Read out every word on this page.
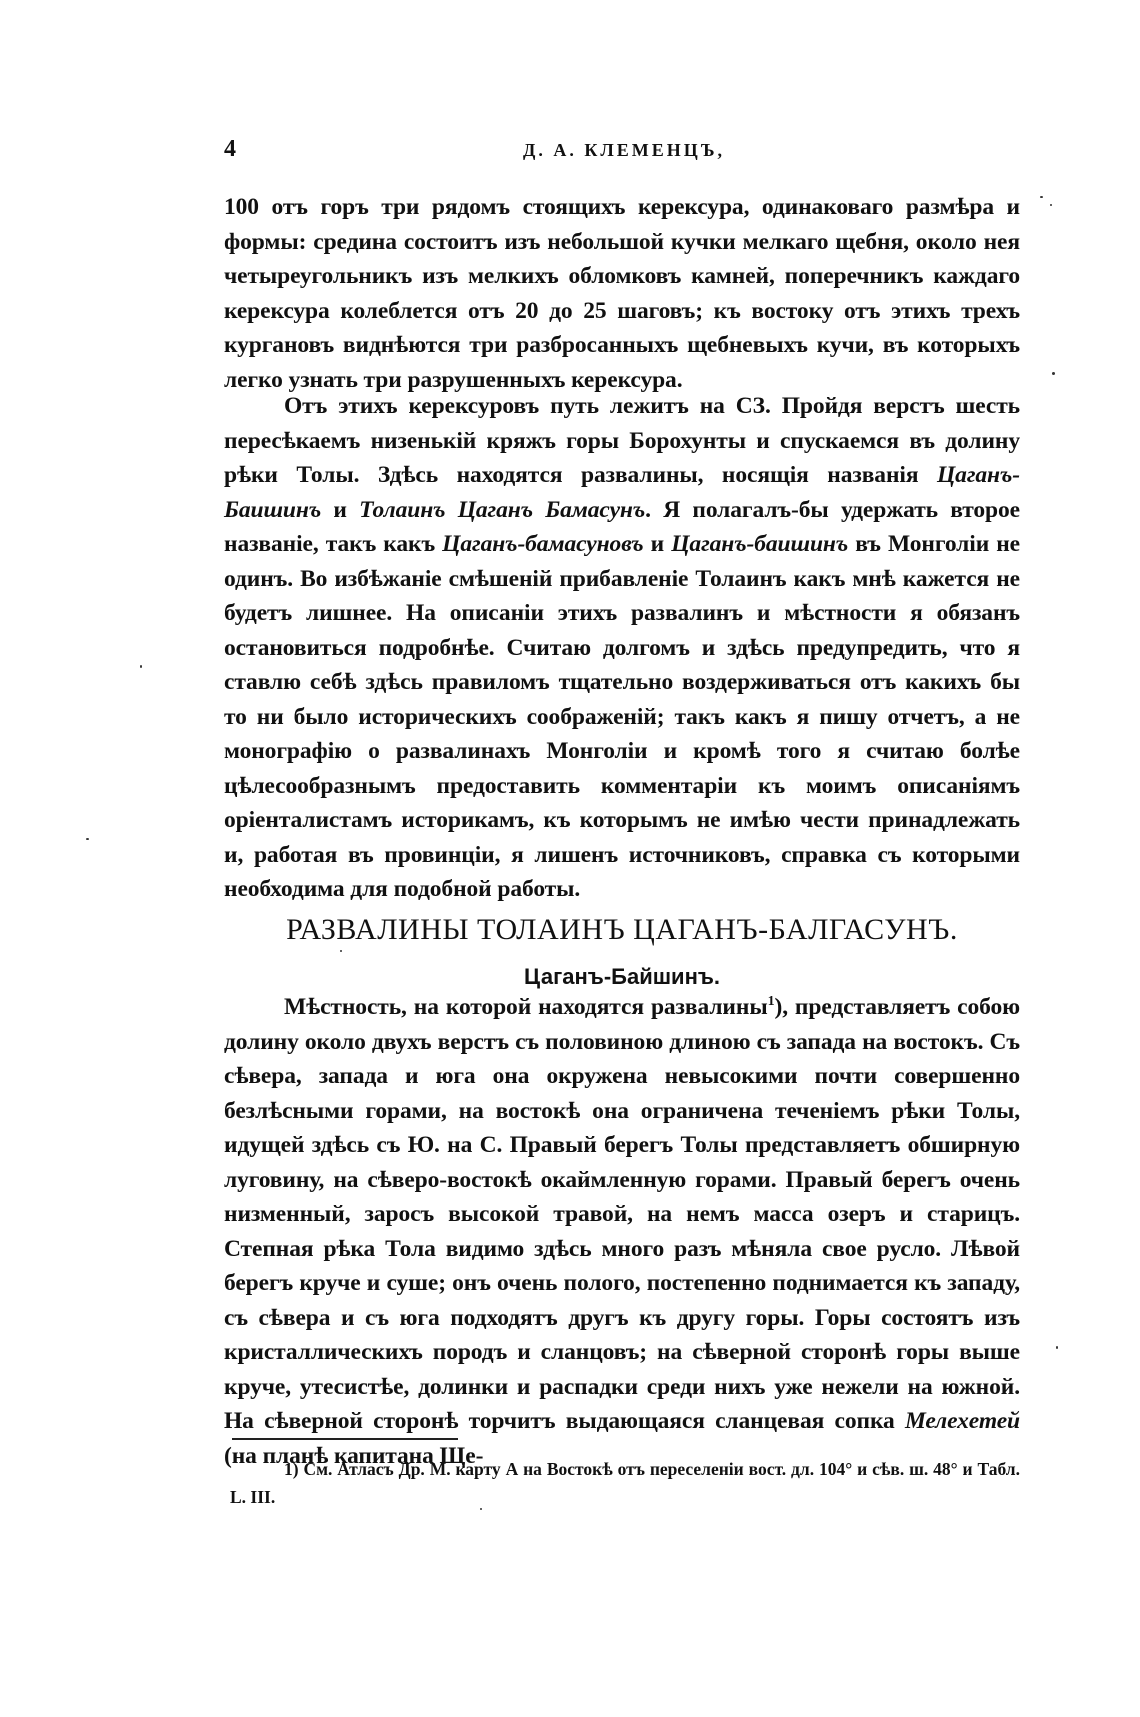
4	Д. А. КЛЕМЕНЦЪ,

100 отъ горъ три рядомъ стоящихъ керексура, одинаковаго размѣра и формы: средина состоитъ изъ небольшой кучки мелкаго щебня, около нея четыреугольникъ изъ мелкихъ обломковъ камней, поперечникъ каждаго керексура колеблется отъ 20 до 25 шаговъ; къ востоку отъ этихъ трехъ кургановъ виднѣются три разбросанныхъ щебневыхъ кучи, въ которыхъ легко узнать три разрушенныхъ керексура.

Отъ этихъ керексуровъ путь лежитъ на СЗ. Пройдя верстъ шесть пересѣкаемъ низенькій кряжъ горы Борохунты и спускаемся въ долину рѣки Толы. Здѣсь находятся развалины, носящія названія Цаганъ-Баишинъ и Толаинъ Цаганъ Бамасунъ. Я полагалъ-бы удержать второе названіе, такъ какъ Цаганъ-бамасуновъ и Цаганъ-баишинъ въ Монголіи не одинъ. Во избѣжаніе смѣшеній прибавленіе Толаинъ какъ мнѣ кажется не будетъ лишнее. На описаніи этихъ развалинъ и мѣстности я обязанъ остановиться подробнѣе. Считаю долгомъ и здѣсь предупредить, что я ставлю себѣ здѣсь правиломъ тщательно воздерживаться отъ какихъ бы то ни было историческихъ соображеній; такъ какъ я пишу отчетъ, а не монографію о развалинахъ Монголіи и кромѣ того я считаю болѣе цѣлесообразнымъ предоставить комментаріи къ моимъ описаніямъ оріенталистамъ историкамъ, къ которымъ не имѣю чести принадлежать и, работая въ провинціи, я лишенъ источниковъ, справка съ которыми необходима для подобной работы.

РАЗВАЛИНЫ ТОЛАИНЪ ЦАГАНЪ-БАЛГАСУНЪ.
Цаганъ-Байшинъ.

Мѣстность, на которой находятся развалины$^1$), представляетъ собою долину около двухъ верстъ съ половиною длиною съ запада на востокъ. Съ сѣвера, запада и юга она окружена невысокими почти совершенно безлѣсными горами, на востокѣ она ограничена теченіемъ рѣки Толы, идущей здѣсь съ Ю. на С. Правый берегъ Толы представляетъ обширную луговину, на сѣверо-востокѣ окаймленную горами. Правый берегъ очень низменный, заросъ высокой травой, на немъ масса озеръ и старицъ. Степная рѣка Тола видимо здѣсь много разъ мѣняла свое русло. Лѣвой берегъ круче и суше; онъ очень полого, постепенно поднимается къ западу, съ сѣвера и съ юга подходятъ другъ къ другу горы. Горы состоятъ изъ кристаллическихъ породъ и сланцовъ; на сѣверной сторонѣ горы выше круче, утесистѣе, долинки и распадки среди нихъ уже нежели на южной. На сѣверной сторонѣ торчитъ выдающаяся сланцевая сопка Мелехетей (на планѣ капитана Ще-

1) См. Атласъ Др. М. карту А на Востокѣ отъ переселеніи вост. дл. 104° и сѣв. ш. 48° и Табл. L. III.
